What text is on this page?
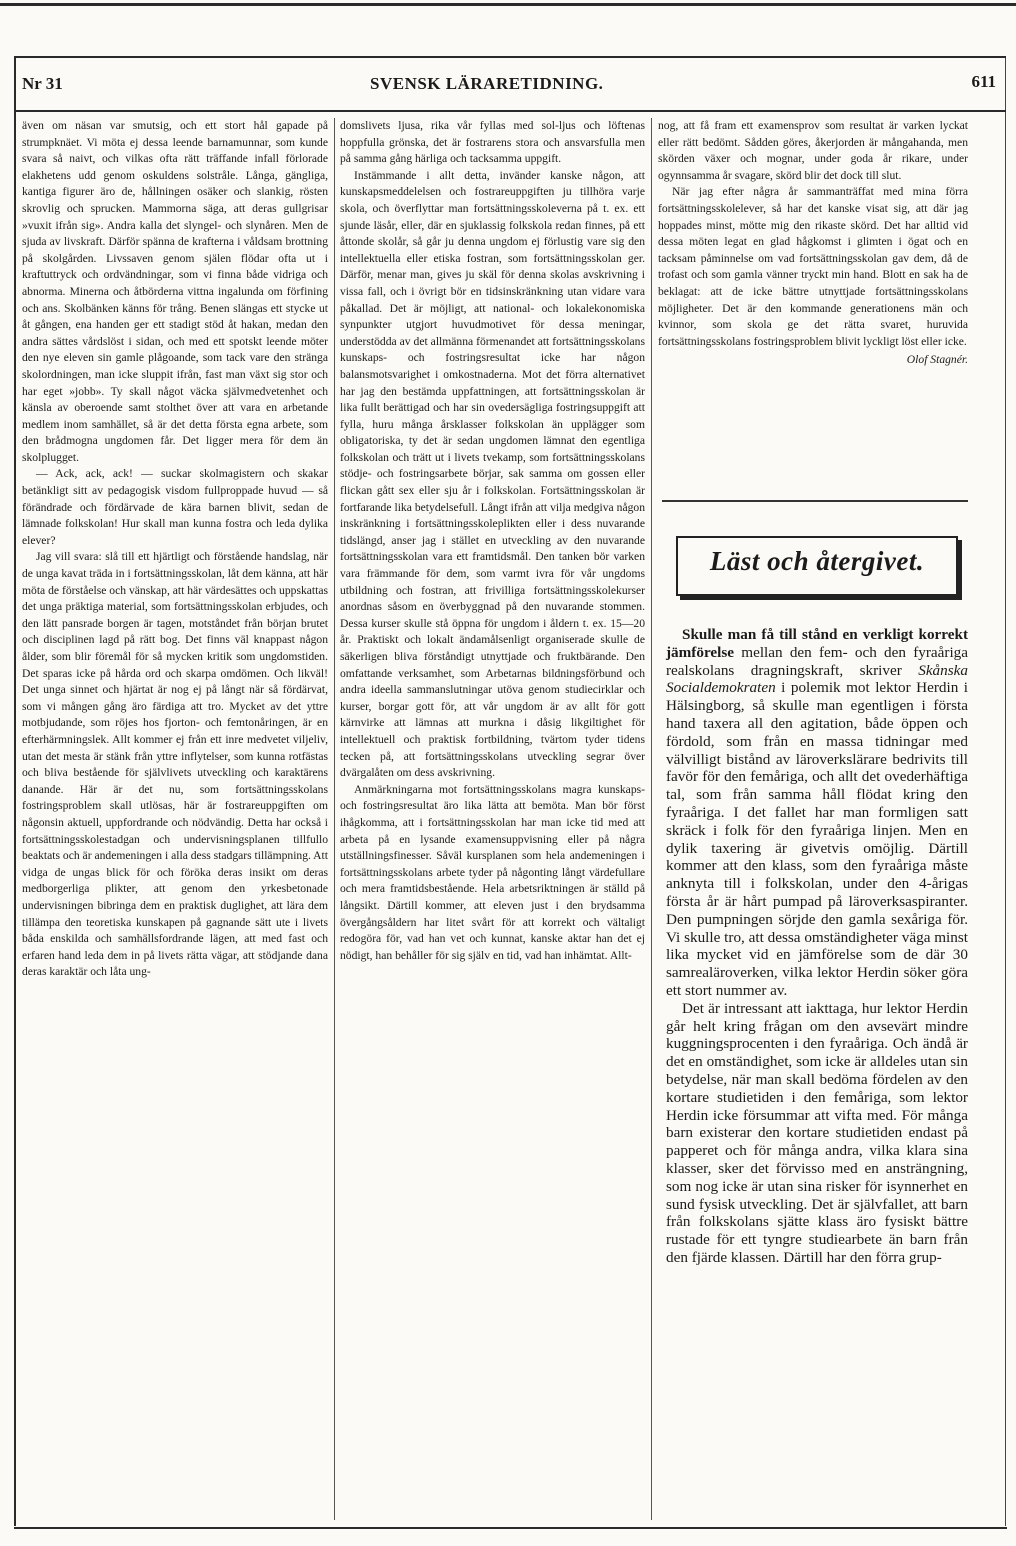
Nr 31	SVENSK LÄRARETIDNING.	611

även om näsan var smutsig, och ett stort hål gapade på strumpknäet. Vi möta ej dessa leende barnamunnar, som kunde svara så naivt, och vilkas ofta rätt träffande infall förlorade elakhetens udd genom oskuldens solstråle. Långa, gängliga, kantiga figurer äro de, hållningen osäker och slankig, rösten skrovlig och sprucken. Mammorna säga, att deras gullgrisar »vuxit ifrån sig». Andra kalla det slyngel- och slynåren. Men de sjuda av livskraft. Därför spänna de krafterna i våldsam brottning på skolgården. Livssaven genom själen flödar ofta ut i kraftuttryck och ordvändningar, som vi finna både vidriga och abnorma. Minerna och åtbörderna vittna ingalunda om förfining och ans. Skolbänken känns för trång. Benen slängas ett stycke ut åt gången, ena handen ger ett stadigt stöd åt hakan, medan den andra sättes vårdslöst i sidan, och med ett spotskt leende möter den nye eleven sin gamle plågoande, som tack vare den stränga skolordningen, man icke sluppit ifrån, fast man växt sig stor och har eget »jobb». Ty skall något väcka självmedvetenhet och känsla av oberoende samt stolthet över att vara en arbetande medlem inom samhället, så är det detta första egna arbete, som den brådmogna ungdomen får. Det ligger mera för dem än skolplugget.

— Ack, ack, ack! — suckar skolmagistern och skakar betänkligt sitt av pedagogisk visdom fullproppade huvud — så förändrade och fördärvade de kära barnen blivit, sedan de lämnade folkskolan! Hur skall man kunna fostra och leda dylika elever?

Jag vill svara: slå till ett hjärtligt och förstående handslag, när de unga kavat träda in i fortsättningsskolan, låt dem känna, att här möta de förståelse och vänskap, att här värdesättes och uppskattas det unga präktiga material, som fortsättningsskolan erbjudes, och den lätt pansrade borgen är tagen, motståndet från början brutet och disciplinen lagd på rätt bog. Det finns väl knappast någon ålder, som blir föremål för så mycken kritik som ungdomstiden. Det sparas icke på hårda ord och skarpa omdömen. Och likväl! Det unga sinnet och hjärtat är nog ej på långt när så fördärvat, som vi mången gång äro färdiga att tro. Mycket av det yttre motbjudande, som röjes hos fjorton- och femtonåringen, är en efterhärmningslek. Allt kommer ej från ett inre medvetet viljeliv, utan det mesta är stänk från yttre inflytelser, som kunna rotfästas och bliva bestående för självlivets utveckling och karaktärens danande. Här är det nu, som fortsättningsskolans fostringsproblem skall utlösas, här är fostrareuppgiften om någonsin aktuell, uppfordrande och nödvändig. Detta har också i fortsättningsskolestadgan och undervisningsplanen tillfullo beaktats och är andemeningen i alla dess stadgars tillämpning. Att vidga de ungas blick för och föröka deras insikt om deras medborgerliga plikter, att genom den yrkesbetonade undervisningen bibringa dem en praktisk duglighet, att lära dem tillämpa den teoretiska kunskapen på gagnande sätt ute i livets båda enskilda och samhällsfordrande lägen, att med fast och erfaren hand leda dem in på livets rätta vägar, att stödjande dana deras karaktär och låta ung-

domslivets ljusa, rika vår fyllas med sol-ljus och löftenas hoppfulla grönska, det är fostrarens stora och ansvarsfulla men på samma gång härliga och tacksamma uppgift.

Instämmande i allt detta, invänder kanske någon, att kunskapsmeddelelsen och fostrareuppgiften ju tillhöra varje skola, och överflyttar man fortsättningsskoleverna på t. ex. ett sjunde läsår, eller, där en sjuklassig folkskola redan finnes, på ett åttonde skolår, så går ju denna ungdom ej förlustig vare sig den intellektuella eller etiska fostran, som fortsättningsskolan ger. Därför, menar man, gives ju skäl för denna skolas avskrivning i vissa fall, och i övrigt bör en tidsinskränkning utan vidare vara påkallad. Det är möjligt, att national- och lokalekonomiska synpunkter utgjort huvudmotivet för dessa meningar, understödda av det allmänna förmenandet att fortsättningsskolans kunskaps- och fostringsresultat icke har någon balansmotsvarighet i omkostnaderna. Mot det förra alternativet har jag den bestämda uppfattningen, att fortsättningsskolan är lika fullt berättigad och har sin ovedersägliga fostringsuppgift att fylla, huru många årsklasser folkskolan än upplägger som obligatoriska, ty det är sedan ungdomen lämnat den egentliga folkskolan och trätt ut i livets tvekamp, som fortsättningsskolans stödje- och fostringsarbete börjar, sak samma om gossen eller flickan gått sex eller sju år i folkskolan. Fortsättningsskolan är fortfarande lika betydelsefull. Långt ifrån att vilja medgiva någon inskränkning i fortsättningsskoleplikten eller i dess nuvarande tidslängd, anser jag i stället en utveckling av den nuvarande fortsättningsskolan vara ett framtidsmål. Den tanken bör varken vara främmande för dem, som varmt ivra för vår ungdoms utbildning och fostran, att frivilliga fortsättningsskolekurser anordnas såsom en överbyggnad på den nuvarande stommen. Dessa kurser skulle stå öppna för ungdom i åldern t. ex. 15—20 år. Praktiskt och lokalt ändamålsenligt organiserade skulle de säkerligen bliva förståndigt utnyttjade och fruktbärande. Den omfattande verksamhet, som Arbetarnas bildningsförbund och andra ideella sammanslutningar utöva genom studiecirklar och kurser, borgar gott för, att vår ungdom är av allt för gott kärnvirke att lämnas att murkna i dåsig likgiltighet för intellektuell och praktisk fortbildning, tvärtom tyder tidens tecken på, att fortsättningsskolans utveckling segrar över dvärgalåten om dess avskrivning.

Anmärkningarna mot fortsättningsskolans magra kunskaps- och fostringsresultat äro lika lätta att bemöta. Man bör först ihågkomma, att i fortsättningsskolan har man icke tid med att arbeta på en lysande examensuppvisning eller på några utställningsfinesser. Såväl kursplanen som hela andemeningen i fortsättningsskolans arbete tyder på någonting långt värdefullare och mera framtidsbestående. Hela arbetsriktningen är ställd på långsikt. Därtill kommer, att eleven just i den brydsamma övergångsåldern har litet svårt för att korrekt och vältaligt redogöra för, vad han vet och kunnat, kanske aktar han det ej nödigt, han behåller för sig själv en tid, vad han inhämtat. Allt-

nog, att få fram ett examensprov som resultat är varken lyckat eller rätt bedömt. Sådden göres, åkerjorden är mångahanda, men skörden växer och mognar, under goda år rikare, under ogynnsamma år svagare, skörd blir det dock till slut.

När jag efter några år sammanträffat med mina förra fortsättningsskolelever, så har det kanske visat sig, att där jag hoppades minst, mötte mig den rikaste skörd. Det har alltid vid dessa möten legat en glad hågkomst i glimten i ögat och en tacksam påminnelse om vad fortsättningsskolan gav dem, då de trofast och som gamla vänner tryckt min hand. Blott en sak ha de beklagat: att de icke bättre utnyttjade fortsättningsskolans möjligheter. Det är den kommande generationens män och kvinnor, som skola ge det rätta svaret, huruvida fortsättningsskolans fostringsproblem blivit lyckligt löst eller icke.

Olof Stagnér.
Läst och återgivet.

Skulle man få till stånd en verkligt korrekt jämförelse mellan den fem- och den fyraåriga realskolans dragningskraft, skriver Skånska Socialdemokraten i polemik mot lektor Herdin i Hälsingborg, så skulle man egentligen i första hand taxera all den agitation, både öppen och fördold, som från en massa tidningar med välvilligt bistånd av läroverkslärare bedrivits till favör för den femåriga, och allt det ovederhäftiga tal, som från samma håll flödat kring den fyraåriga. I det fallet har man formligen satt skräck i folk för den fyraåriga linjen. Men en dylik taxering är givetvis omöjlig. Därtill kommer att den klass, som den fyraåriga måste anknyta till i folkskolan, under den 4-årigas första år är hårt pumpad på läroverksaspiranter. Den pumpningen sörjde den gamla sexåriga för. Vi skulle tro, att dessa omständigheter väga minst lika mycket vid en jämförelse som de där 30 samrealäroverken, vilka lektor Herdin söker göra ett stort nummer av.

Det är intressant att iakttaga, hur lektor Herdin går helt kring frågan om den avsevärt mindre kuggningsprocenten i den fyraåriga. Och ändå är det en omständighet, som icke är alldeles utan sin betydelse, när man skall bedöma fördelen av den kortare studietiden i den femåriga, som lektor Herdin icke försummar att vifta med. För många barn existerar den kortare studietiden endast på papperet och för många andra, vilka klara sina klasser, sker det förvisso med en ansträngning, som nog icke är utan sina risker för isynnerhet en sund fysisk utveckling. Det är självfallet, att barn från folkskolans sjätte klass äro fysiskt bättre rustade för ett tyngre studiearbete än barn från den fjärde klassen. Därtill har den förra grup-
